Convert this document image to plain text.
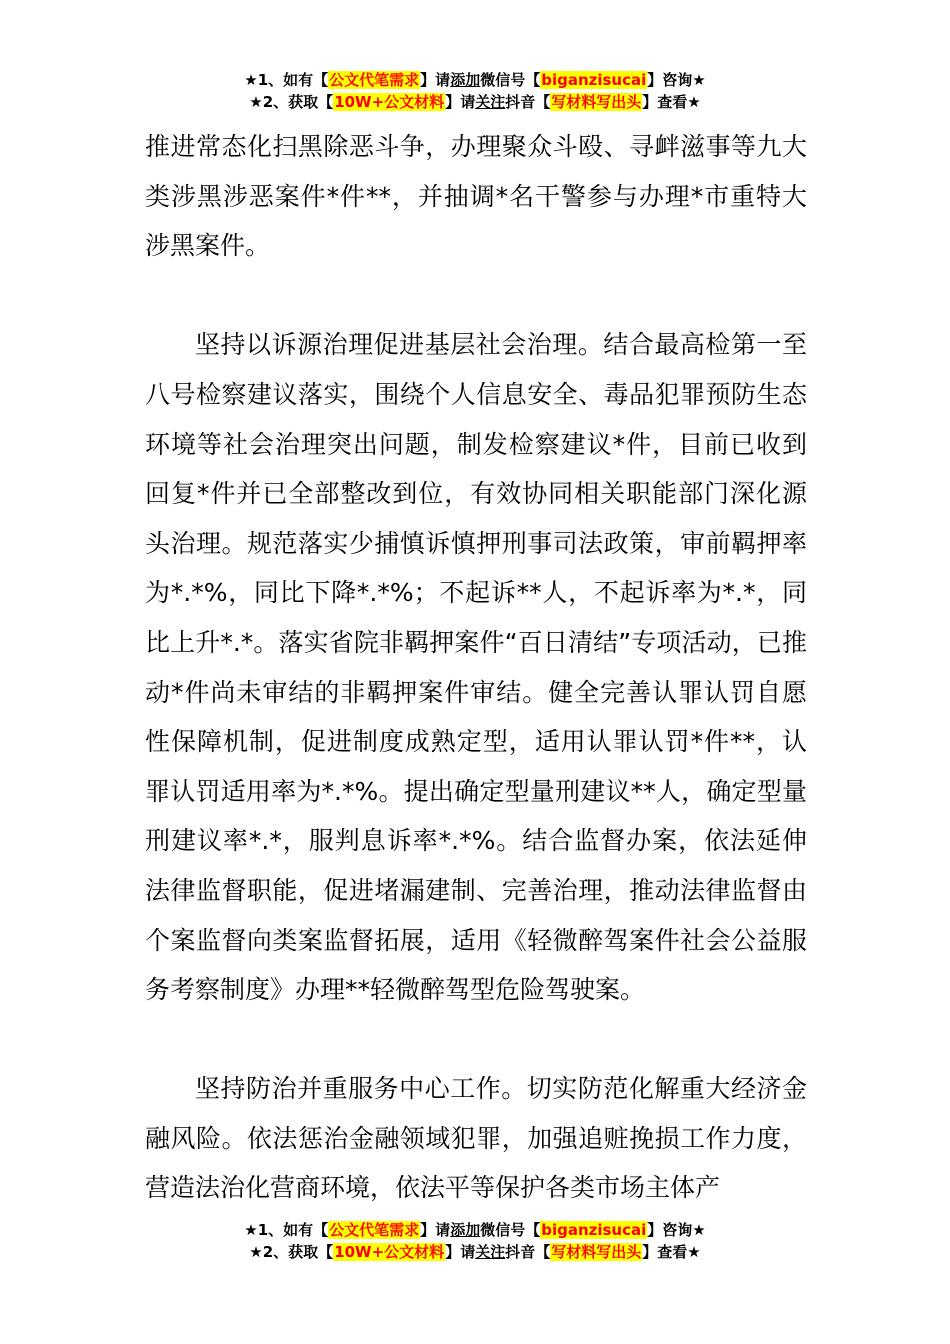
★1、如有【公文代笔需求】请添加微信号【biganzisucai】咨询★
★2、获取【10W+公文材料】请关注抖音【写材料写出头】查看★

推进常态化扫黑除恶斗争，办理聚众斗殴、寻衅滋事等九大类涉黑涉恶案件*件**，并抽调*名干警参与办理*市重特大涉黑案件。

坚持以诉源治理促进基层社会治理。结合最高检第一至八号检察建议落实，围绕个人信息安全、毒品犯罪预防生态环境等社会治理突出问题，制发检察建议*件，目前已收到回复*件并已全部整改到位，有效协同相关职能部门深化源头治理。规范落实少捕慎诉慎押刑事司法政策，审前羁押率为*.*%，同比下降*.*%；不起诉**人，不起诉率为*.*，同比上升*.*。落实省院非羁押案件“百日清结”专项活动，已推动*件尚未审结的非羁押案件审结。健全完善认罪认罚自愿性保障机制，促进制度成熟定型，适用认罪认罚*件**，认罪认罚适用率为*.*%。提出确定型量刑建议**人，确定型量刑建议率*.*，服判息诉率*.*%。结合监督办案，依法延伸法律监督职能，促进堵漏建制、完善治理，推动法律监督由个案监督向类案监督拓展，适用《轻微醉驾案件社会公益服务考察制度》办理**轻微醉驾型危险驾驶案。

坚持防治并重服务中心工作。切实防范化解重大经济金融风险。依法惩治金融领域犯罪，加强追赃挽损工作力度，营造法治化营商环境，依法平等保护各类市场主体产

★1、如有【公文代笔需求】请添加微信号【biganzisucai】咨询★
★2、获取【10W+公文材料】请关注抖音【写材料写出头】查看★
